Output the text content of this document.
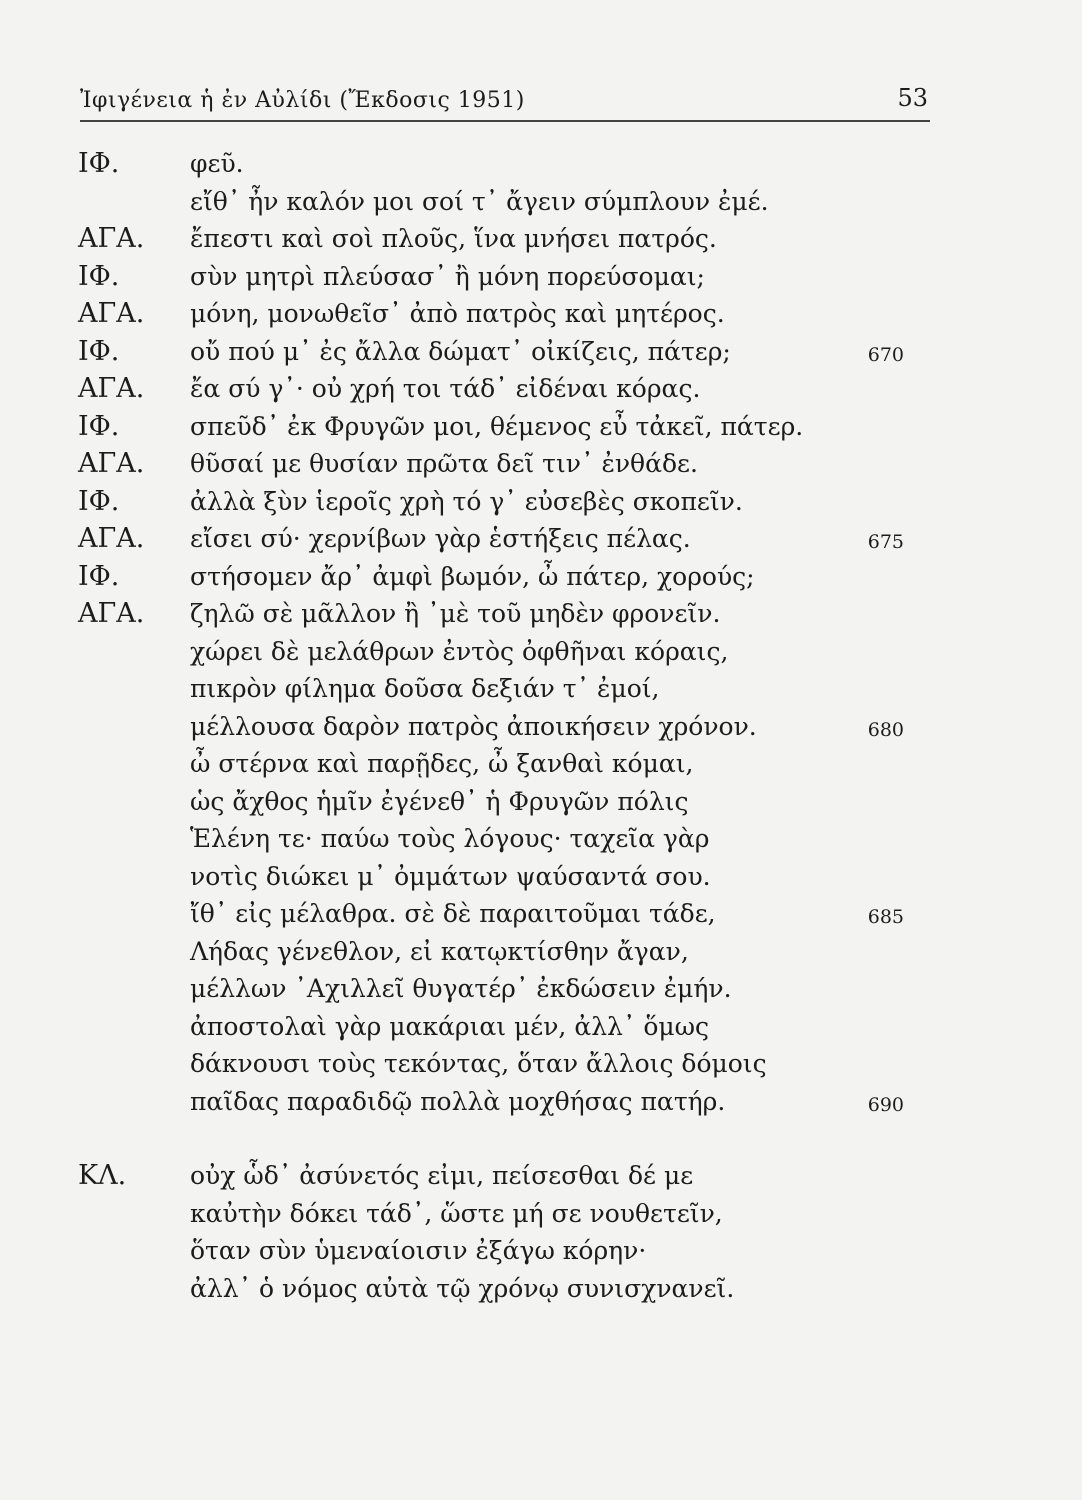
Ἰφιγένεια ἡ ἐν Αὐλίδι (Ἔκδοσις 1951)	53
ΙΦ.	φεῦ.
εἴθ᾽ ἦν καλόν μοι σοί τ᾽ ἄγειν σύμπλουν ἐμέ.
ΑΓΑ. ἔπεστι καὶ σοὶ πλοῦς, ἵνα μνήσει πατρός.
ΙΦ.	σὺν μητρὶ πλεύσασ᾽ ἢ μόνη πορεύσομαι;
ΑΓΑ. μόνη, μονωθεῖσ᾽ ἀπὸ πατρὸς καὶ μητέρος.
ΙΦ.	οὔ πού μ᾽ ἐς ἄλλα δώματ᾽ οἰκίζεις, πάτερ;	670
ΑΓΑ. ἔα σύ γ᾽· οὐ χρή τοι τάδ᾽ εἰδέναι κόρας.
ΙΦ.	σπεῦδ᾽ ἐκ Φρυγῶν μοι, θέμενος εὖ τἀκεῖ, πάτερ.
ΑΓΑ. θῦσαί με θυσίαν πρῶτα δεῖ τιν᾽ ἐνθάδε.
ΙΦ.	ἀλλὰ ξὺν ἱεροῖς χρὴ τό γ᾽ εὐσεβὲς σκοπεῖν.
ΑΓΑ. εἴσει σύ· χερνίβων γὰρ ἑστήξεις πέλας.	675
ΙΦ.	στήσομεν ἄρ᾽ ἀμφὶ βωμόν, ὦ πάτερ, χορούς;
ΑΓΑ. ζηλῶ σὲ μᾶλλον ἢ ᾽μὲ τοῦ μηδὲν φρονεῖν.
χώρει δὲ μελάθρων ἐντὸς ὀφθῆναι κόραις,
πικρὸν φίλημα δοῦσα δεξιάν τ᾽ ἐμοί,
μέλλουσα δαρὸν πατρὸς ἀποικήσειν χρόνον.	680
ὦ στέρνα καὶ παρῇδες, ὦ ξανθαὶ κόμαι,
ὡς ἄχθος ἡμῖν ἐγένεθ᾽ ἡ Φρυγῶν πόλις
Ἑλένη τε· παύω τοὺς λόγους· ταχεῖα γὰρ
νοτὶς διώκει μ᾽ ὀμμάτων ψαύσαντά σου.
ἴθ᾽ εἰς μέλαθρα. σὲ δὲ παραιτοῦμαι τάδε,	685
Λήδας γένεθλον, εἰ κατῳκτίσθην ἄγαν,
μέλλων ᾽Αχιλλεῖ θυγατέρ᾽ ἐκδώσειν ἐμήν.
ἀποστολαὶ γὰρ μακάριαι μέν, ἀλλ᾽ ὅμως
δάκνουσι τοὺς τεκόντας, ὅταν ἄλλοις δόμοις
παῖδας παραδιδῷ πολλὰ μοχθήσας πατήρ.	690
ΚΛ.	οὐχ ὧδ᾽ ἀσύνετός εἰμι, πείσεσθαι δέ με
καὐτὴν δόκει τάδ᾽, ὥστε μή σε νουθετεῖν,
ὅταν σὺν ὑμεναίοισιν ἐξάγω κόρην·
ἀλλ᾽ ὁ νόμος αὐτὰ τῷ χρόνῳ συνισχνανεῖ.
